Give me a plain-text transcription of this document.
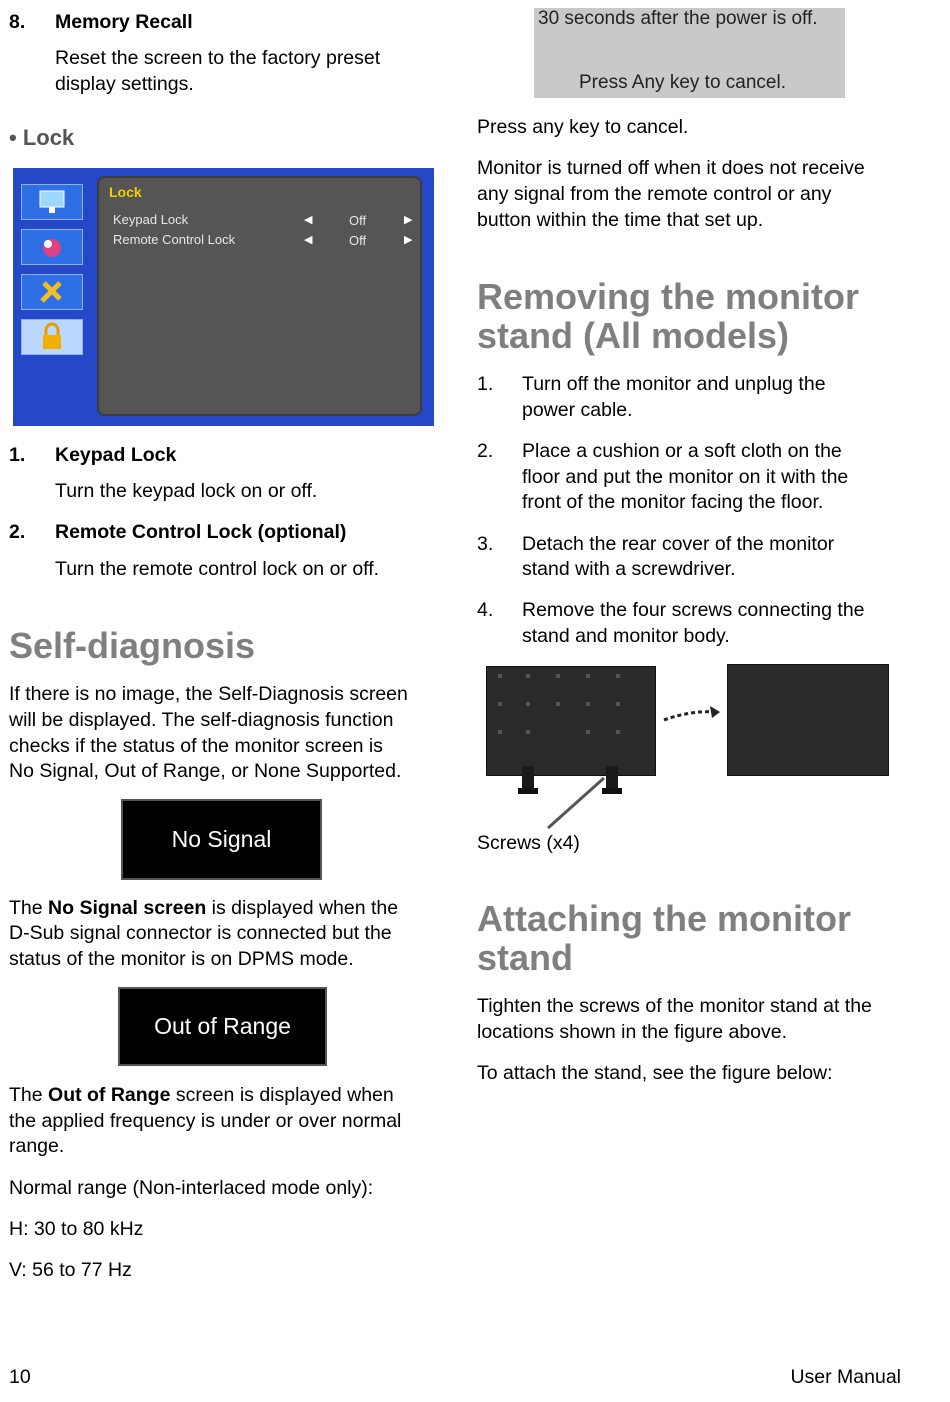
8. Memory Recall
Reset the screen to the factory preset
display settings.
• Lock
Lock
Keypad Lock	◀	Off	▶
Remote Control Lock	◀	Off	▶
1. Keypad Lock
Turn the keypad lock on or off.
2. Remote Control Lock (optional)
Turn the remote control lock on or off.
Self-diagnosis
If there is no image, the Self-Diagnosis screen
will be displayed. The self-diagnosis function
checks if the status of the monitor screen is
No Signal, Out of Range, or None Supported.
No Signal
The No Signal screen is displayed when the
D-Sub signal connector is connected but the
status of the monitor is on DPMS mode.
Out of Range
The Out of Range screen is displayed when
the applied frequency is under or over normal
range.
Normal range (Non-interlaced mode only):
H: 30 to 80 kHz
V: 56 to 77 Hz
30 seconds after the power is off.
Press Any key to cancel.
Press any key to cancel.
Monitor is turned off when it does not receive
any signal from the remote control or any
button within the time that set up.
Removing the monitor
stand (All models)
1. Turn off the monitor and unplug the
power cable.
2. Place a cushion or a soft cloth on the
floor and put the monitor on it with the
front of the monitor facing the floor.
3. Detach the rear cover of the monitor
stand with a screwdriver.
4. Remove the four screws connecting the
stand and monitor body.
Screws (x4)
Attaching the monitor
stand
Tighten the screws of the monitor stand at the
locations shown in the figure above.
To attach the stand, see the figure below:
10	User Manual
